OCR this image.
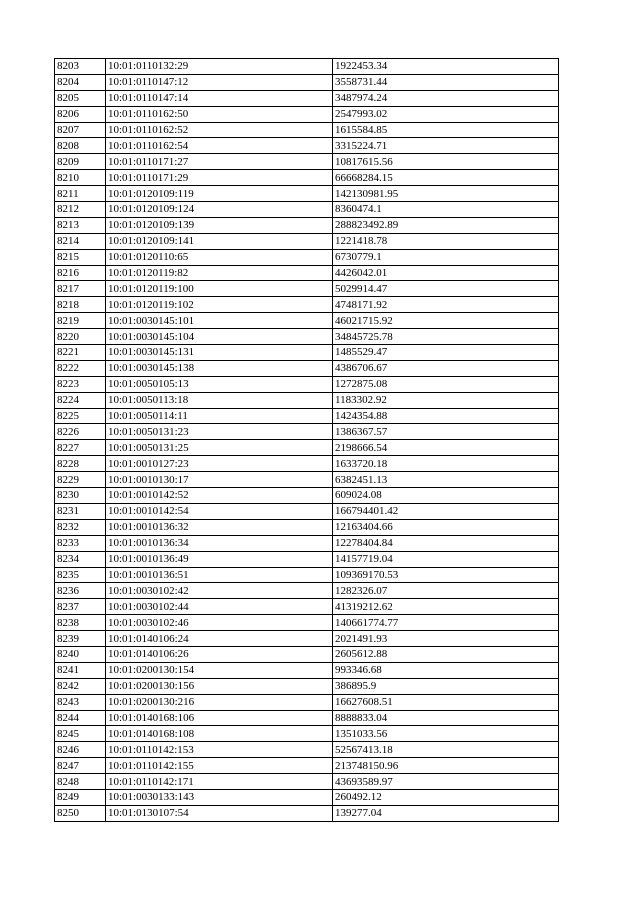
8203	10:01:0110132:29	1922453.34
8204	10:01:0110147:12	3558731.44
8205	10:01:0110147:14	3487974.24
8206	10:01:0110162:50	2547993.02
8207	10:01:0110162:52	1615584.85
8208	10:01:0110162:54	3315224.71
8209	10:01:0110171:27	10817615.56
8210	10:01:0110171:29	66668284.15
8211	10:01:0120109:119	142130981.95
8212	10:01:0120109:124	8360474.1
8213	10:01:0120109:139	288823492.89
8214	10:01:0120109:141	1221418.78
8215	10:01:0120110:65	6730779.1
8216	10:01:0120119:82	4426042.01
8217	10:01:0120119:100	5029914.47
8218	10:01:0120119:102	4748171.92
8219	10:01:0030145:101	46021715.92
8220	10:01:0030145:104	34845725.78
8221	10:01:0030145:131	1485529.47
8222	10:01:0030145:138	4386706.67
8223	10:01:0050105:13	1272875.08
8224	10:01:0050113:18	1183302.92
8225	10:01:0050114:11	1424354.88
8226	10:01:0050131:23	1386367.57
8227	10:01:0050131:25	2198666.54
8228	10:01:0010127:23	1633720.18
8229	10:01:0010130:17	6382451.13
8230	10:01:0010142:52	609024.08
8231	10:01:0010142:54	166794401.42
8232	10:01:0010136:32	12163404.66
8233	10:01:0010136:34	12278404.84
8234	10:01:0010136:49	14157719.04
8235	10:01:0010136:51	109369170.53
8236	10:01:0030102:42	1282326.07
8237	10:01:0030102:44	41319212.62
8238	10:01:0030102:46	140661774.77
8239	10:01:0140106:24	2021491.93
8240	10:01:0140106:26	2605612.88
8241	10:01:0200130:154	993346.68
8242	10:01:0200130:156	386895.9
8243	10:01:0200130:216	16627608.51
8244	10:01:0140168:106	8888833.04
8245	10:01:0140168:108	1351033.56
8246	10:01:0110142:153	52567413.18
8247	10:01:0110142:155	213748150.96
8248	10:01:0110142:171	43693589.97
8249	10:01:0030133:143	260492.12
8250	10:01:0130107:54	139277.04
